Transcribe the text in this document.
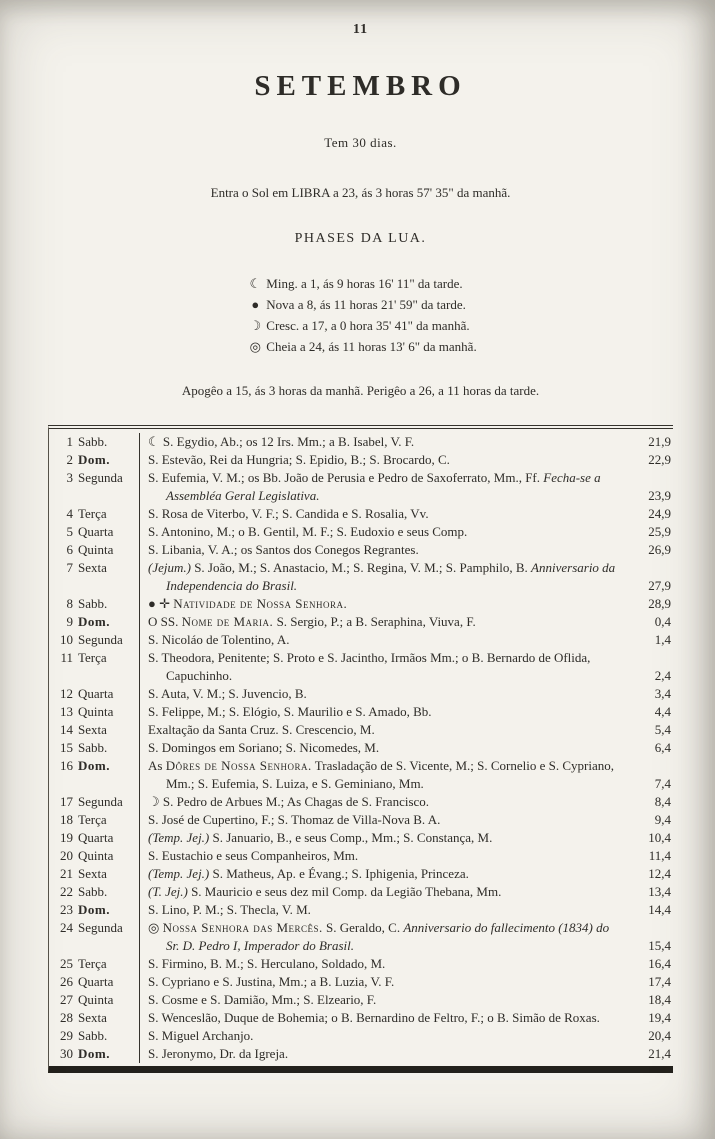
11
SETEMBRO
Tem 30 dias.
Entra o Sol em LIBRA a 23, ás 3 horas 57' 35" da manhã.
PHASES DA LUA.
☾ Ming. a 1, ás 9 horas 16' 11" da tarde.
● Nova a 8, ás 11 horas 21' 59" da tarde.
☽ Cresc. a 17, a 0 hora 35' 41" da manhã.
◎ Cheia a 24, ás 11 horas 13' 6" da manhã.
Apogêo a 15, ás 3 horas da manhã. Perigêo a 26, a 11 horas da tarde.
1 Sabb.	☾ S. Egydio, Ab.; os 12 Irs. Mm.; a B. Isabel, V. F.	21,9
2 Dom.	S. Estevão, Rei da Hungria; S. Epidio, B.; S. Brocardo, C.	22,9
3 Segunda	S. Eufemia, V. M.; os Bb. João de Perusia e Pedro de Saxoferrato, Mm., Ff. Fecha-se a Assembléa Geral Legislativa.	23,9
4 Terça	S. Rosa de Viterbo, V. F.; S. Candida e S. Rosalia, Vv.	24,9
5 Quarta	S. Antonino, M.; o B. Gentil, M. F.; S. Eudoxio e seus Comp.	25,9
6 Quinta	S. Libania, V. A.; os Santos dos Conegos Regrantes.	26,9
7 Sexta	(Jejum.) S. João, M.; S. Anastacio, M.; S. Regina, V. M.; S. Pamphilo, B. Anniversario da Independencia do Brasil.	27,9
8 Sabb.	● ✛ Natividade de Nossa Senhora.	28,9
9 Dom.	O SS. Nome de Maria. S. Sergio, P.; a B. Seraphina, Viuva, F.	0,4
10 Segunda	S. Nicoláo de Tolentino, A.	1,4
11 Terça	S. Theodora, Penitente; S. Proto e S. Jacintho, Irmãos Mm.; o B. Bernardo de Oflida, Capuchinho.	2,4
12 Quarta	S. Auta, V. M.; S. Juvencio, B.	3,4
13 Quinta	S. Felippe, M.; S. Elógio, S. Maurilio e S. Amado, Bb.	4,4
14 Sexta	Exaltação da Santa Cruz. S. Crescencio, M.	5,4
15 Sabb.	S. Domingos em Soriano; S. Nicomedes, M.	6,4
16 Dom.	As Dôres de Nossa Senhora. Trasladação de S. Vicente, M.; S. Cornelio e S. Cypriano, Mm.; S. Eufemia, S. Luiza, e S. Geminiano, Mm.	7,4
17 Segunda	☽ S. Pedro de Arbues M.; As Chagas de S. Francisco.	8,4
18 Terça	S. José de Cupertino, F.; S. Thomaz de Villa-Nova B. A.	9,4
19 Quarta	(Temp. Jej.) S. Januario, B., e seus Comp., Mm.; S. Constança, M.	10,4
20 Quinta	S. Eustachio e seus Companheiros, Mm.	11,4
21 Sexta	(Temp. Jej.) S. Matheus, Ap. e Évang.; S. Iphigenia, Princeza.	12,4
22 Sabb.	(T. Jej.) S. Mauricio e seus dez mil Comp. da Legião Thebana, Mm.	13,4
23 Dom.	S. Lino, P. M.; S. Thecla, V. M.	14,4
24 Segunda	◎ Nossa Senhora das Mercês. S. Geraldo, C. Anniversario do fallecimento (1834) do Sr. D. Pedro I, Imperador do Brasil.	15,4
25 Terça	S. Firmino, B. M.; S. Herculano, Soldado, M.	16,4
26 Quarta	S. Cypriano e S. Justina, Mm.; a B. Luzia, V. F.	17,4
27 Quinta	S. Cosme e S. Damião, Mm.; S. Elzeario, F.	18,4
28 Sexta	S. Wenceslão, Duque de Bohemia; o B. Bernardino de Feltro, F.; o B. Simão de Roxas.	19,4
29 Sabb.	S. Miguel Archanjo.	20,4
30 Dom.	S. Jeronymo, Dr. da Igreja.	21,4
